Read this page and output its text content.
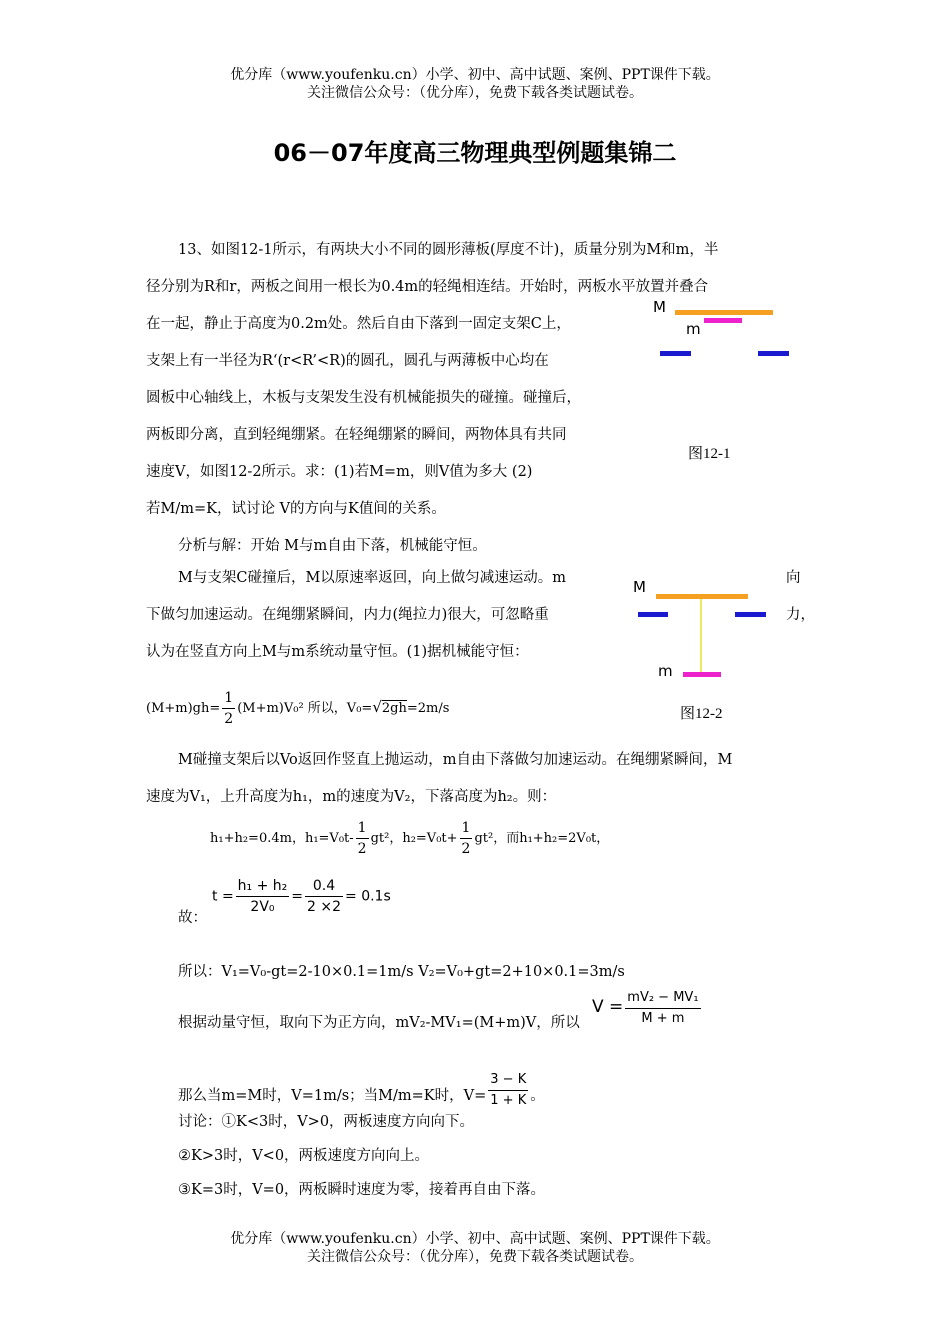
优分库（www.youfenku.cn）小学、初中、高中试题、案例、PPT课件下载。
关注微信公众号：（优分库），免费下载各类试题试卷。
06－07年度高三物理典型例题集锦二
13、如图12-1所示，有两块大小不同的圆形薄板(厚度不计)，质量分别为M和m，半
径分别为R和r，两板之间用一根长为0.4m的轻绳相连结。开始时，两板水平放置并叠合
在一起，静止于高度为0.2m处。然后自由下落到一固定支架C上，
支架上有一半径为R‘(r<R’<R)的圆孔，圆孔与两薄板中心均在
圆板中心轴线上，木板与支架发生没有机械能损失的碰撞。碰撞后，
两板即分离，直到轻绳绷紧。在轻绳绷紧的瞬间，两物体具有共同
速度V，如图12-2所示。求：(1)若M=m，则V值为多大 (2)
若M/m=K，试讨论 V的方向与K值间的关系。
M
m
图12-1
分析与解：开始 M与m自由下落，机械能守恒。
M与支架C碰撞后，M以原速率返回，向上做匀减速运动。m	向
下做匀加速运动。在绳绷紧瞬间，内力(绳拉力)很大，可忽略重	力，
认为在竖直方向上M与m系统动量守恒。(1)据机械能守恒：
M
m
图12-2
$(M+m)gh= \frac{1}{2} (M+m)V_0^2$ 所以，V₀=√2gh=2m/s
M碰撞支架后以Vo返回作竖直上抛运动，m自由下落做匀加速运动。在绳绷紧瞬间，M
速度为V₁，上升高度为h₁，m的速度为V₂，下落高度为h₂。则：
h₁+h₂=0.4m，$h_1=V_0t- \frac{1}{2} gt^2$，$h_2=V_0t+ \frac{1}{2} gt^2$，而h₁+h₂=2V₀t，
故：
$t = \frac{\text{h₁ + h₂}}{\text{2V₀}} = \frac{0.4}{2 \times 2} = 0.1s$
所以：V₁=V₀-gt=2-10×0.1=1m/s V₂=V₀+gt=2+10×0.1=3m/s
根据动量守恒，取向下为正方向，mV₂-MV₁=(M+m)V，所以
$V = \frac{\text{mV₂ − MV₁}}{M + m}$
那么当m=M时，V=1m/s；当M/m=K时，$V= \frac{3 - K}{1 + K}$ 。
讨论：①K<3时，V>0，两板速度方向向下。
②K>3时，V<0，两板速度方向向上。
③K=3时，V=0，两板瞬时速度为零，接着再自由下落。
优分库（www.youfenku.cn）小学、初中、高中试题、案例、PPT课件下载。
关注微信公众号：（优分库），免费下载各类试题试卷。
